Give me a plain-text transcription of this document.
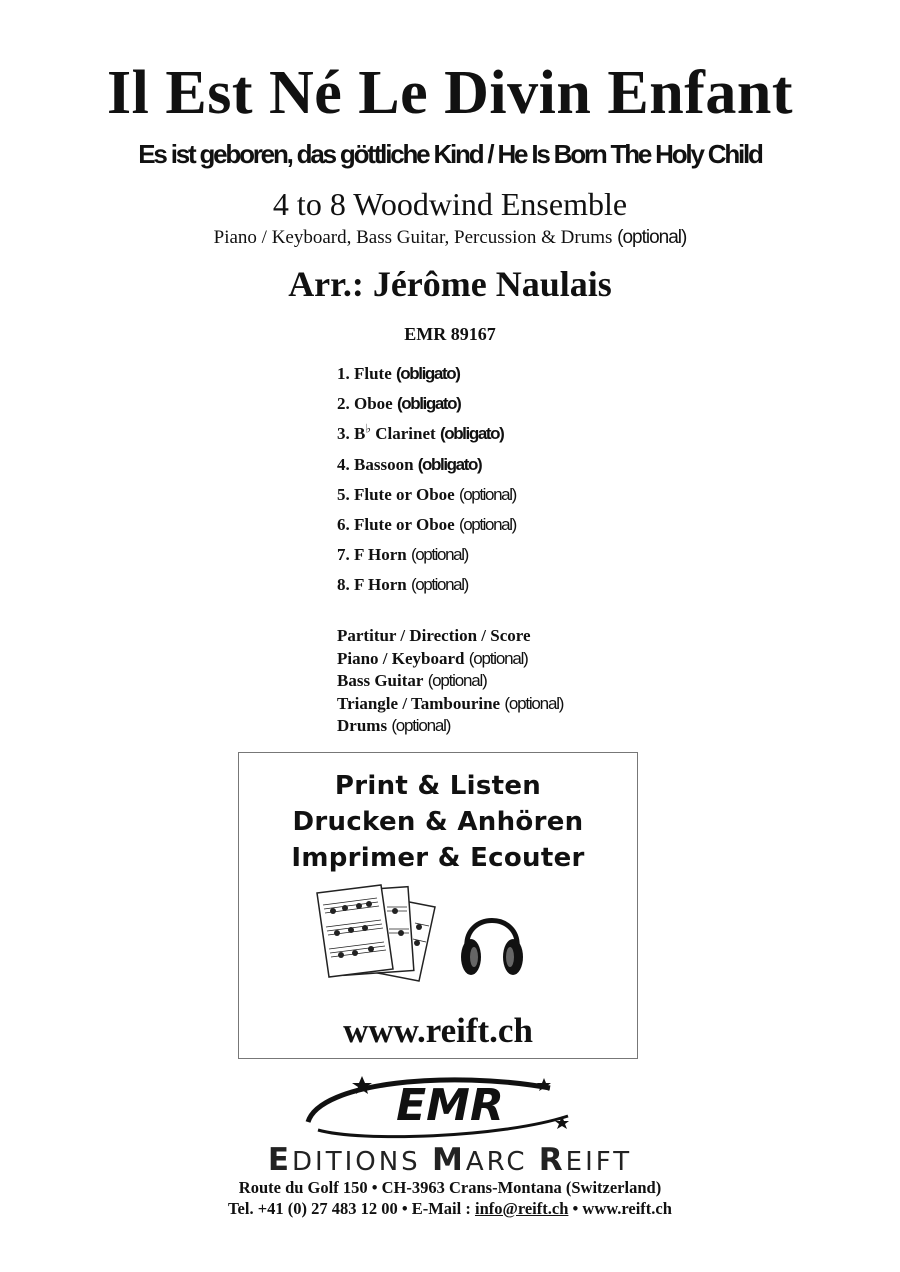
Il Est Né Le Divin Enfant
Es ist geboren, das göttliche Kind / He Is Born The Holy Child
4 to 8 Woodwind Ensemble
Piano / Keyboard, Bass Guitar, Percussion & Drums (optional)
Arr.: Jérôme Naulais
EMR 89167
1. Flute (obligato)
2. Oboe (obligato)
3. B♭ Clarinet (obligato)
4. Bassoon (obligato)
5. Flute or Oboe (optional)
6. Flute or Oboe (optional)
7. F Horn (optional)
8. F Horn (optional)
Partitur / Direction / Score
Piano / Keyboard (optional)
Bass Guitar (optional)
Triangle / Tambourine (optional)
Drums (optional)
Print & Listen
Drucken & Anhören
Imprimer & Ecouter
www.reift.ch
EMR
EDITIONS MARC REIFT
Route du Golf 150 • CH-3963 Crans-Montana (Switzerland)
Tel. +41 (0) 27 483 12 00 • E-Mail : info@reift.ch • www.reift.ch
